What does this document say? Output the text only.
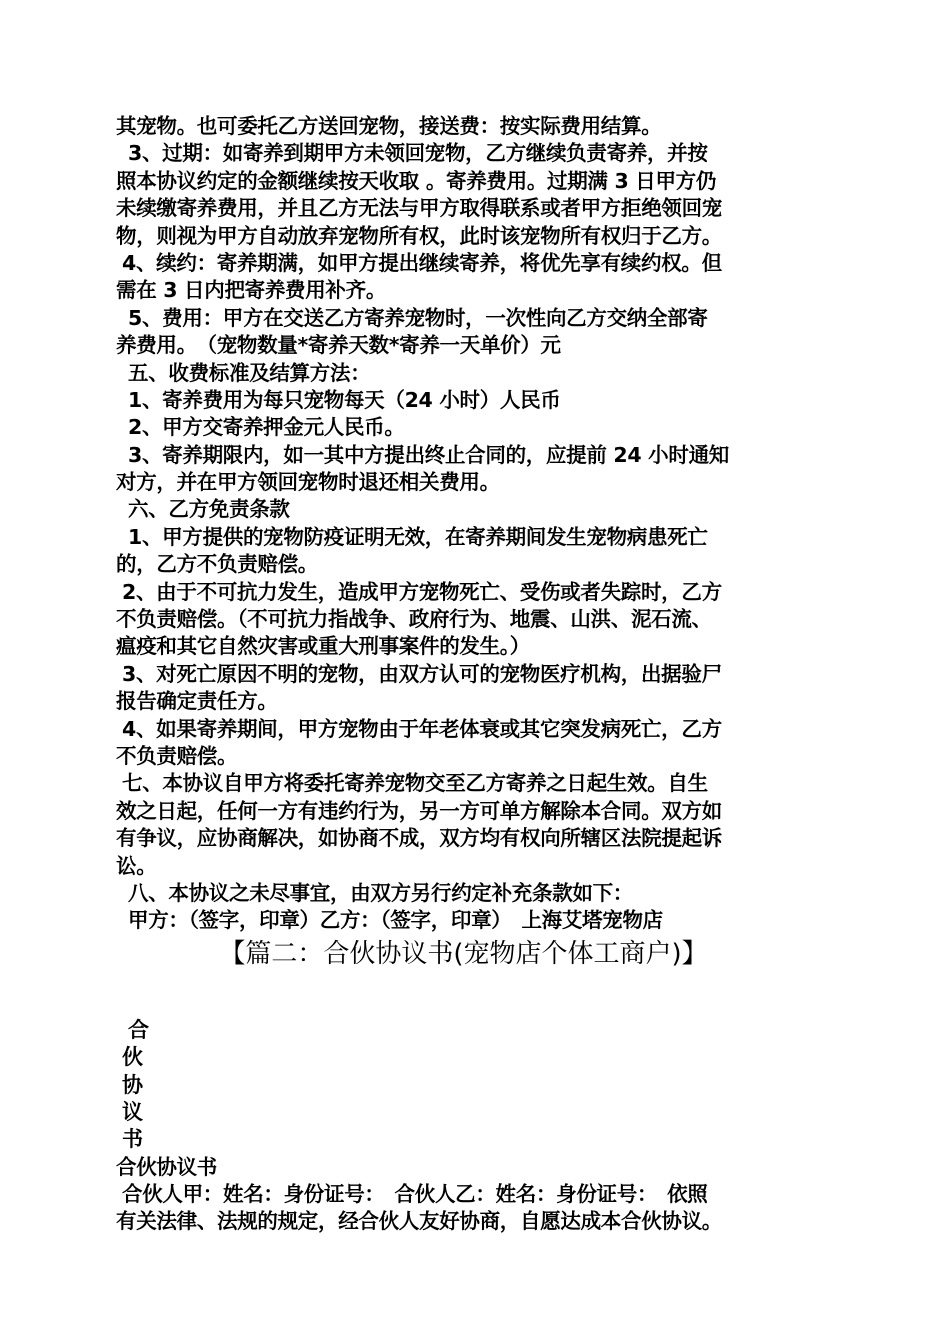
其宠物。也可委托乙方送回宠物，接送费：按实际费用结算。
3、过期：如寄养到期甲方未领回宠物，乙方继续负责寄养，并按
照本协议约定的金额继续按天收取 。寄养费用。过期满 3 日甲方仍
未续缴寄养费用，并且乙方无法与甲方取得联系或者甲方拒绝领回宠
物，则视为甲方自动放弃宠物所有权，此时该宠物所有权归于乙方。
4、续约：寄养期满，如甲方提出继续寄养，将优先享有续约权。但
需在 3 日内把寄养费用补齐。
5、费用：甲方在交送乙方寄养宠物时，一次性向乙方交纳全部寄
养费用。　（宠物数量*寄养天数*寄养一天单价）元
五、收费标准及结算方法：
1、寄养费用为每只宠物每天（24 小时）人民币
2、甲方交寄养押金元人民币。
3、寄养期限内，如一其中方提出终止合同的，应提前 24 小时通知
对方，并在甲方领回宠物时退还相关费用。
六、乙方免责条款
1、甲方提供的宠物防疫证明无效，在寄养期间发生宠物病患死亡
的，乙方不负责赔偿。
2、由于不可抗力发生，造成甲方宠物死亡、受伤或者失踪时，乙方
不负责赔偿。（不可抗力指战争、政府行为、地震、山洪、泥石流、
瘟疫和其它自然灾害或重大刑事案件的发生。）
3、对死亡原因不明的宠物，由双方认可的宠物医疗机构，出据验尸
报告确定责任方。
4、如果寄养期间，甲方宠物由于年老体衰或其它突发病死亡，乙方
不负责赔偿。
七、本协议自甲方将委托寄养宠物交至乙方寄养之日起生效。自生
效之日起，任何一方有违约行为，另一方可单方解除本合同。双方如
有争议，应协商解决，如协商不成，双方均有权向所辖区法院提起诉
讼。
八、本协议之未尽事宜，由双方另行约定补充条款如下：
甲方：（签字，印章）乙方：（签字，印章）　上海艾塔宠物店
【篇二：合伙协议书(宠物店个体工商户)】
合
伙
协
议
书
合伙协议书
合伙人甲：姓名：身份证号：　合伙人乙：姓名：身份证号：　依照
有关法律、法规的规定，经合伙人友好协商，自愿达成本合伙协议。
